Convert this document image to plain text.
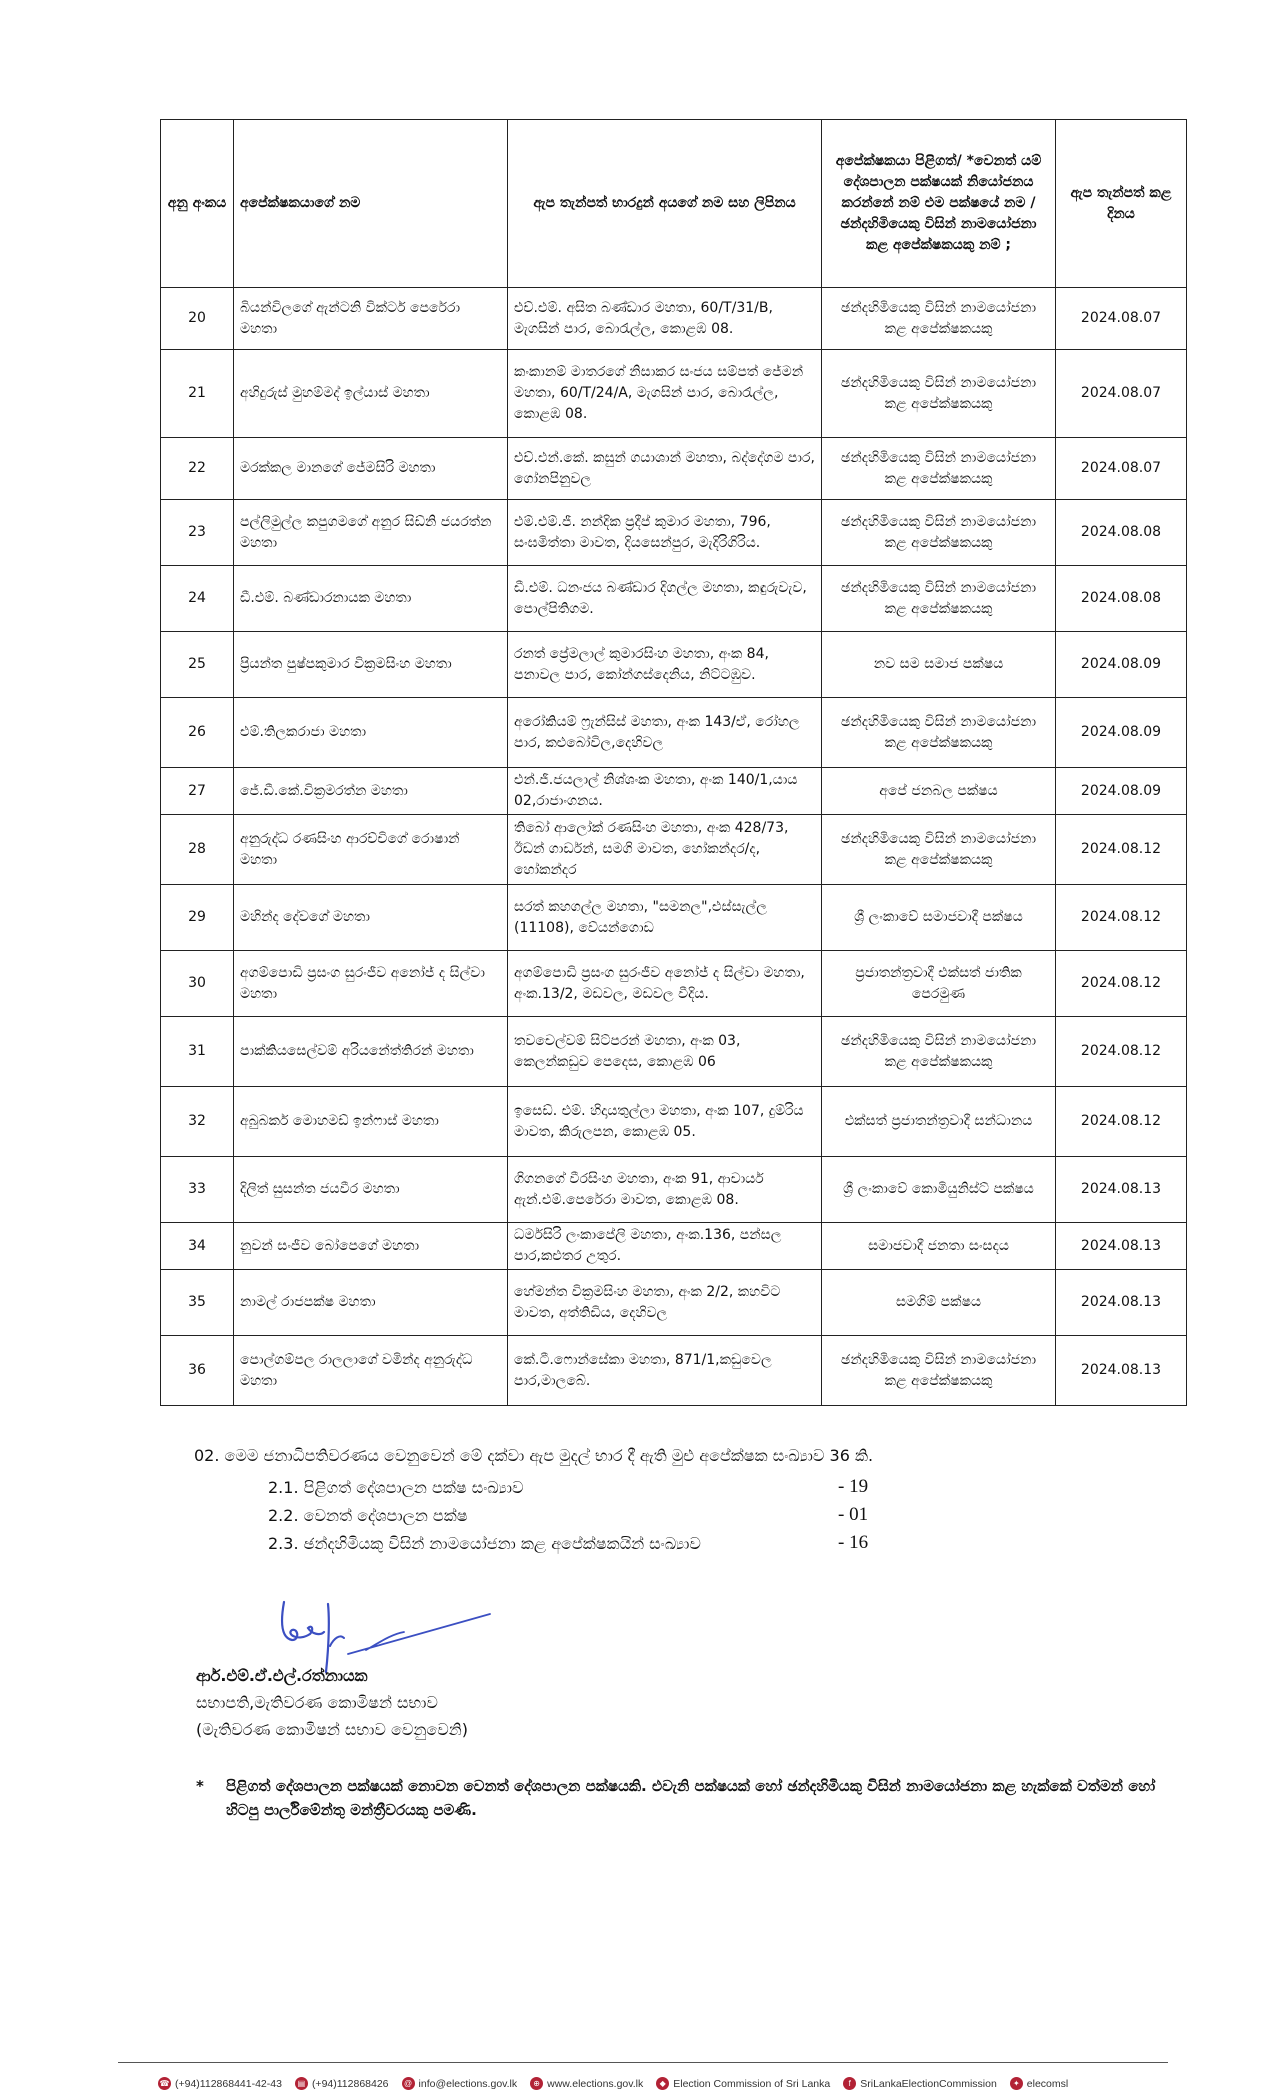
අනු අංකය	අපේක්ෂකයාගේ නම	ඇප තැන්පත් භාරදුන් අයගේ නම සහ ලිපිනය	අපේක්ෂකයා පිළිගත්/ *වෙනත් යම් දේශපාලන පක්ෂයක් නියෝජනය කරන්නේ නම් එම පක්ෂයේ නම / ඡන්දහිමියෙකු විසින් නාමයෝජනා කළ අපේක්ෂකයකු නම් ;	ඇප තැන්පත් කළ දිනය
20	බියන්විලගේ ඇන්ටනි වික්ටර් පෙරේරා මහතා	එච්.එම්. අසිත බණ්ඩාර මහතා, 60/T/31/B, මැගසින් පාර, බොරැල්ල, කොළඹ 08.	ඡන්දහිමියෙකු විසින් නාමයෝජනා කළ අපේක්ෂකයකු	2024.08.07
21	අහිදුරුස් මුහම්මද් ඉල්යාස් මහතා	කංකානම් මාතරගේ නිසාකර සංජය සම්පත් ජේමන් මහතා, 60/T/24/A, මැගසින් පාර, බොරැල්ල, කොළඹ 08.	ඡන්දහිමියෙකු විසින් නාමයෝජනා කළ අපේක්ෂකයකු	2024.08.07
22	මරක්කල මානගේ ජේමසිරි මහතා	එච්.එන්.කේ. කසුන් ගයාශාන් මහතා, බද්දේගම පාර, ගෝනපිනුවල	ඡන්දහිමියෙකු විසින් නාමයෝජනා කළ අපේක්ෂකයකු	2024.08.07
23	පල්ලිමුල්ල කපුගමගේ අනුර සිඩ්නි ජයරත්න මහතා	එම්.එම්.ජී. නන්දික ප්‍රදීප් කුමාර මහතා, 796, සංඝමිත්තා මාවත, දියසෙන්පුර, මැදිරිගිරිය.	ඡන්දහිමියෙකු විසින් නාමයෝජනා කළ අපේක්ෂකයකු	2024.08.08
24	ඩී.එම්. බණ්ඩාරනායක මහතා	ඩී.එම්. ධනංජය බණ්ඩාර දිගල්ල මහතා, කඳුරුවැව, පොල්පිතිගම.	ඡන්දහිමියෙකු විසින් නාමයෝජනා කළ අපේක්ෂකයකු	2024.08.08
25	ප්‍රියන්ත පුෂ්පකුමාර වික්‍රමසිංහ මහතා	රනත් ප්‍රේමලාල් කුමාරසිංහ මහතා, අංක 84, පනාවල පාර, කෝන්ගස්දෙනිය, නිට්ටඹුව.	නව සම සමාජ පක්ෂය	2024.08.09
26	එම්.තිලකරාජා මහතා	අරෝකියම් ෆ්‍රැන්සිස් මහතා, අංක 143/ඒ, රෝහල පාර, කළුබෝවිල,දෙහිවල	ඡන්දහිමියෙකු විසින් නාමයෝජනා කළ අපේක්ෂකයකු	2024.08.09
27	ජේ.ඩී.කේ.වික්‍රමරත්න මහතා	එන්.ජී.ජයලාල් නිශ්ශංක මහතා, අංක 140/1,යාය 02,රාජාංගනය.	අපේ ජනබල පක්ෂය	2024.08.09
28	අනුරුද්ධ රණසිංහ ආරච්චිගේ රොෂාන් මහතා	තිබෝ ආලෝක් රණසිංහ මහතා, අංක 428/73, ඊඩන් ගාර්ඩන්, සමගි මාවත, හෝකන්දර/ද, හෝකන්දර	ඡන්දහිමියෙකු විසින් නාමයෝජනා කළ අපේක්ෂකයකු	2024.08.12
29	මහින්ද දේවගේ මහතා	සරත් කහගල්ල මහතා, "සමනල",එස්සැල්ල (11108), වේයන්ගොඩ	ශ්‍රී ලංකාවේ සමාජවාදී පක්ෂය	2024.08.12
30	අගම්පොඩි ප්‍රසංග සුරංජීව අනෝජ් ද සිල්වා මහතා	අගම්පොඩි ප්‍රසංග සුරංජීව අනෝජ් ද සිල්වා මහතා, අංක.13/2, මඩවල, මඩවල වීදිය.	ප්‍රජාතන්ත්‍රවාදී එක්සත් ජාතික පෙරමුණ	2024.08.12
31	පාක්කියසෙල්වම් අරියනේත්තිරන් මහතා	තවචෙල්වම් සිට්පරන් මහතා, අංක 03, කෙලන්කඩුව පෙදෙස, කොළඹ 06	ඡන්දහිමියෙකු විසින් නාමයෝජනා කළ අපේක්ෂකයකු	2024.08.12
32	අබුබකර් මොහමඩ් ඉන්ෆාස් මහතා	ඉසෙඩ්. එම්. හිදායතුල්ලා මහතා, අංක 107, දුම්රිය මාවත, කිරුලපන, කොළඹ 05.	එක්සත් ප්‍රජාතන්ත්‍රවාදී සන්ධානය	2024.08.12
33	දිලිත් සුසන්ත ජයවීර මහතා	ගිගනගේ වීරසිංහ මහතා, අංක 91, ආචාර්ය ඇන්.එම්.පෙරේරා මාවත, කොළඹ 08.	ශ්‍රී ලංකාවේ කොමියුනිස්ට් පක්ෂය	2024.08.13
34	නුවන් සංජීව බෝපෙගේ මහතා	ධර්මසිරි ලංකාපේලි මහතා, අංක.136, පන්සල පාර,කළුතර උතුර.	සමාජවාදී ජනතා සංසදය	2024.08.13
35	නාමල් රාජපක්ෂ මහතා	හේමන්ත වික්‍රමසිංහ මහතා, අංක 2/2, කහවිට මාවත, අත්තිඩිය, දෙහිවල	සමගිම් පක්ෂය	2024.08.13
36	පොල්ගම්පල රාලලාගේ වමින්ද අනුරුද්ධ මහතා	කේ.ටී.ෆොන්සේකා මහතා, 871/1,කඩුවෙල පාර,මාලබේ.	ඡන්දහිමියෙකු විසින් නාමයෝජනා කළ අපේක්ෂකයකු	2024.08.13
02. මෙම ජනාධිපතිවරණය වෙනුවෙන් මේ දක්වා ඇප මුදල් භාර දී ඇති මුළු අපේක්ෂක සංඛ්‍යාව 36 කි.
2.1. පිළිගත් දේශපාලන පක්ෂ සංඛ්‍යාව	- 19
2.2. වෙනත් දේශපාලන පක්ෂ	- 01
2.3. ඡන්දහිමියකු විසින් නාමයෝජනා කළ අපේක්ෂකයින් සංඛ්‍යාව	- 16
ආර්.එම්.ඒ.එල්.රත්නායක
සභාපති,මැතිවරණ කොමිෂන් සභාව
(මැතිවරණ කොමිෂන් සභාව වෙනුවෙනි)
* පිළිගත් දේශපාලන පක්ෂයක් නොවන වෙනත් දේශපාලන පක්ෂයකි. එවැනි පක්ෂයක් හෝ ඡන්දහිමියකු විසින් නාමයෝජනා කළ හැක්කේ වත්මන් හෝ හිටපු පාර්ලිමේන්තු මන්ත්‍රීවරයකු පමණි.
☎ (+94)112868441-42-43	▤ (+94)112868426	@ info@elections.gov.lk	⊕ www.elections.gov.lk	◆ Election Commission of Sri Lanka	f SriLankaElectionCommission	✦ elecomsl
